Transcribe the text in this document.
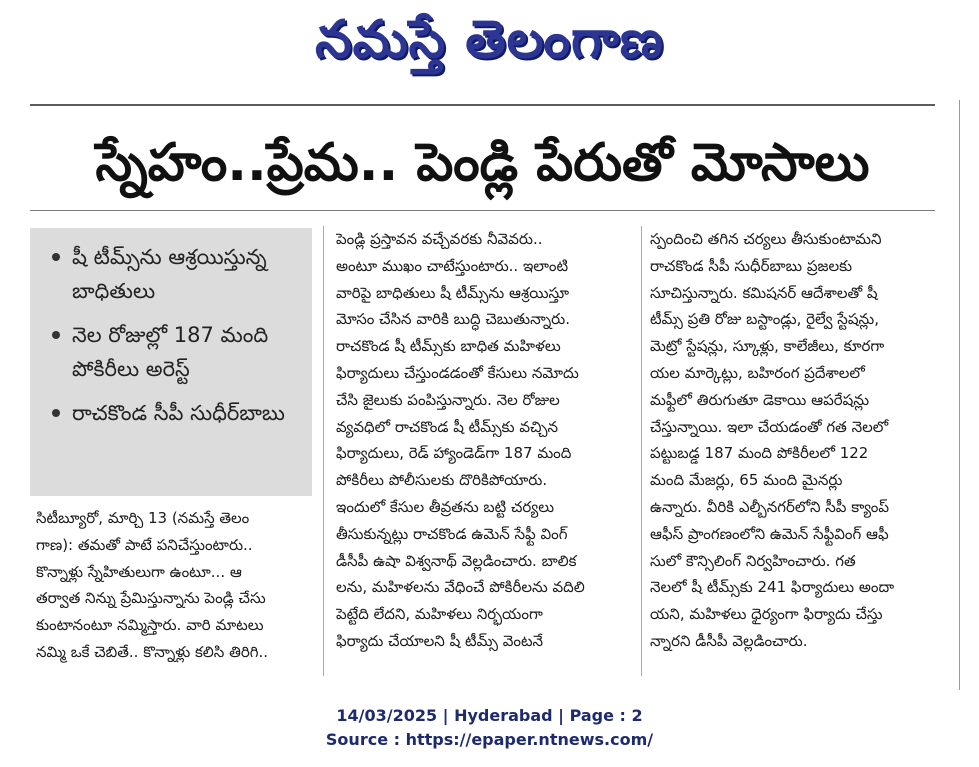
నమస్తే తెలంగాణ
స్నేహం..ప్రేమ.. పెండ్లి పేరుతో మోసాలు
షీ టీమ్స్‌ను ఆశ్రయిస్తున్న బాధితులు
నెల రోజుల్లో 187 మంది పోకిరీలు అరెస్ట్
రాచకొండ సీపీ సుధీర్‌బాబు
సిటీబ్యూరో, మార్చి 13 (నమస్తే తెలం
గాణ): తమతో పాటే పనిచేస్తుంటారు..
కొన్నాళ్లు స్నేహితులుగా ఉంటూ... ఆ
తర్వాత నిన్ను ప్రేమిస్తున్నాను పెండ్లి చేసు
కుంటానంటూ నమ్మిస్తారు. వారి మాటలు
నమ్మి ఒకే చెబితే.. కొన్నాళ్లు కలిసి తిరిగి..
పెండ్లి ప్రస్తావన వచ్చేవరకు నీవెవరు..
అంటూ ముఖం చాటేస్తుంటారు.. ఇలాంటి
వారిపై బాధితులు షీ టీమ్స్‌ను ఆశ్రయిస్తూ
మోసం చేసిన వారికి బుద్ధి చెబుతున్నారు.
రాచకొండ షీ టీమ్స్‌కు బాధిత మహిళలు
ఫిర్యాదులు చేస్తుండడంతో కేసులు నమోదు
చేసి జైలుకు పంపిస్తున్నారు. నెల రోజుల
వ్యవధిలో రాచకొండ షీ టీమ్స్‌కు వచ్చిన
ఫిర్యాదులు, రెడ్ హ్యాండెడ్‌గా 187 మంది
పోకిరీలు పోలీసులకు దొరికిపోయారు.
ఇందులో కేసుల తీవ్రతను బట్టి చర్యలు
తీసుకున్నట్లు రాచకొండ ఉమెన్ సేఫ్టీ వింగ్
డీసీపీ ఉషా విశ్వనాథ్ వెల్లడించారు. బాలిక
లను, మహిళలను వేధించే పోకిరీలను వదిలి
పెట్టేది లేదని, మహిళలు నిర్భయంగా
ఫిర్యాదు చేయాలని షీ టీమ్స్ వెంటనే
స్పందించి తగిన చర్యలు తీసుకుంటామని
రాచకొండ సీపీ సుధీర్‌బాబు ప్రజలకు
సూచిస్తున్నారు. కమిషనర్ ఆదేశాలతో షీ
టీమ్స్ ప్రతి రోజు బస్టాండ్లు, రైల్వే స్టేషన్లు,
మెట్రో స్టేషన్లు, స్కూళ్లు, కాలేజీలు, కూరగా
యల మార్కెట్లు, బహిరంగ ప్రదేశాలలో
మఫ్టీలో తిరుగుతూ డెకాయి ఆపరేషన్లు
చేస్తున్నాయి. ఇలా చేయడంతో గత నెలలో
పట్టుబడ్డ 187 మంది పోకిరీలలో 122
మంది మేజర్లు, 65 మంది మైనర్లు
ఉన్నారు. వీరికి ఎల్బీనగర్‌లోని సీపీ క్యాంప్
ఆఫీస్ ప్రాంగణంలోని ఉమెన్ సేఫ్టీవింగ్ ఆఫీ
సులో కౌన్సిలింగ్ నిర్వహించారు. గత
నెలలో షీ టీమ్స్‌కు 241 ఫిర్యాదులు అందా
యని, మహిళలు ధైర్యంగా ఫిర్యాదు చేస్తు
న్నారని డీసీపీ వెల్లడించారు.
14/03/2025 | Hyderabad | Page : 2
Source : https://epaper.ntnews.com/
